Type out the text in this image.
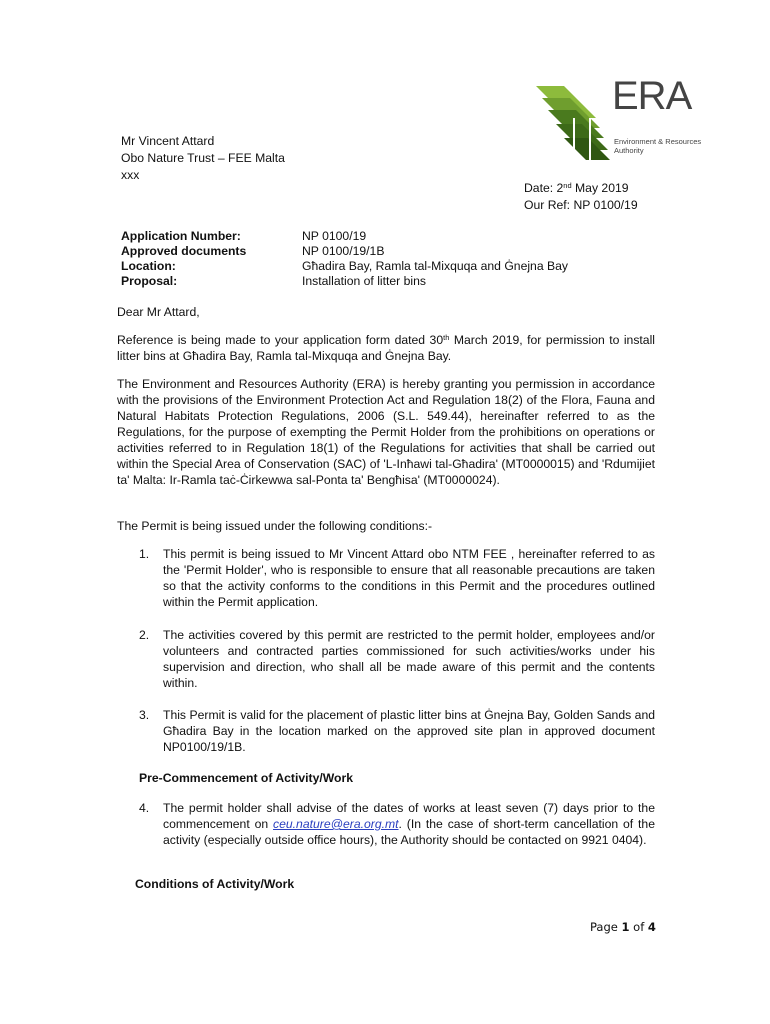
ERA
Environment & Resources
Authority
Mr Vincent Attard
Obo Nature Trust – FEE Malta
xxx
Date: 2nd May 2019
Our Ref: NP 0100/19
Application Number:	NP 0100/19
Approved documents	NP 0100/19/1B
Location:	Għadira Bay, Ramla tal-Mixquqa and Ġnejna Bay
Proposal:	Installation of litter bins
Dear Mr Attard,
Reference is being made to your application form dated 30th March 2019, for permission to install litter bins at Għadira Bay, Ramla tal-Mixquqa and Ġnejna Bay.
The Environment and Resources Authority (ERA) is hereby granting you permission in accordance with the provisions of the Environment Protection Act and Regulation 18(2) of the Flora, Fauna and Natural Habitats Protection Regulations, 2006 (S.L. 549.44), hereinafter referred to as the Regulations, for the purpose of exempting the Permit Holder from the prohibitions on operations or activities referred to in Regulation 18(1) of the Regulations for activities that shall be carried out within the Special Area of Conservation (SAC) of 'L-Inħawi tal-Għadira' (MT0000015) and 'Rdumijiet ta' Malta: Ir-Ramla taċ-Ċirkewwa sal-Ponta ta' Bengħisa' (MT0000024).
The Permit is being issued under the following conditions:-
1. This permit is being issued to Mr Vincent Attard obo NTM FEE , hereinafter referred to as the 'Permit Holder', who is responsible to ensure that all reasonable precautions are taken so that the activity conforms to the conditions in this Permit and the procedures outlined within the Permit application.
2. The activities covered by this permit are restricted to the permit holder, employees and/or volunteers and contracted parties commissioned for such activities/works under his supervision and direction, who shall all be made aware of this permit and the contents within.
3. This Permit is valid for the placement of plastic litter bins at Ġnejna Bay, Golden Sands and Għadira Bay in the location marked on the approved site plan in approved document NP0100/19/1B.
Pre-Commencement of Activity/Work
4. The permit holder shall advise of the dates of works at least seven (7) days prior to the commencement on ceu.nature@era.org.mt. (In the case of short-term cancellation of the activity (especially outside office hours), the Authority should be contacted on 9921 0404).
Conditions of Activity/Work
Page 1 of 4
